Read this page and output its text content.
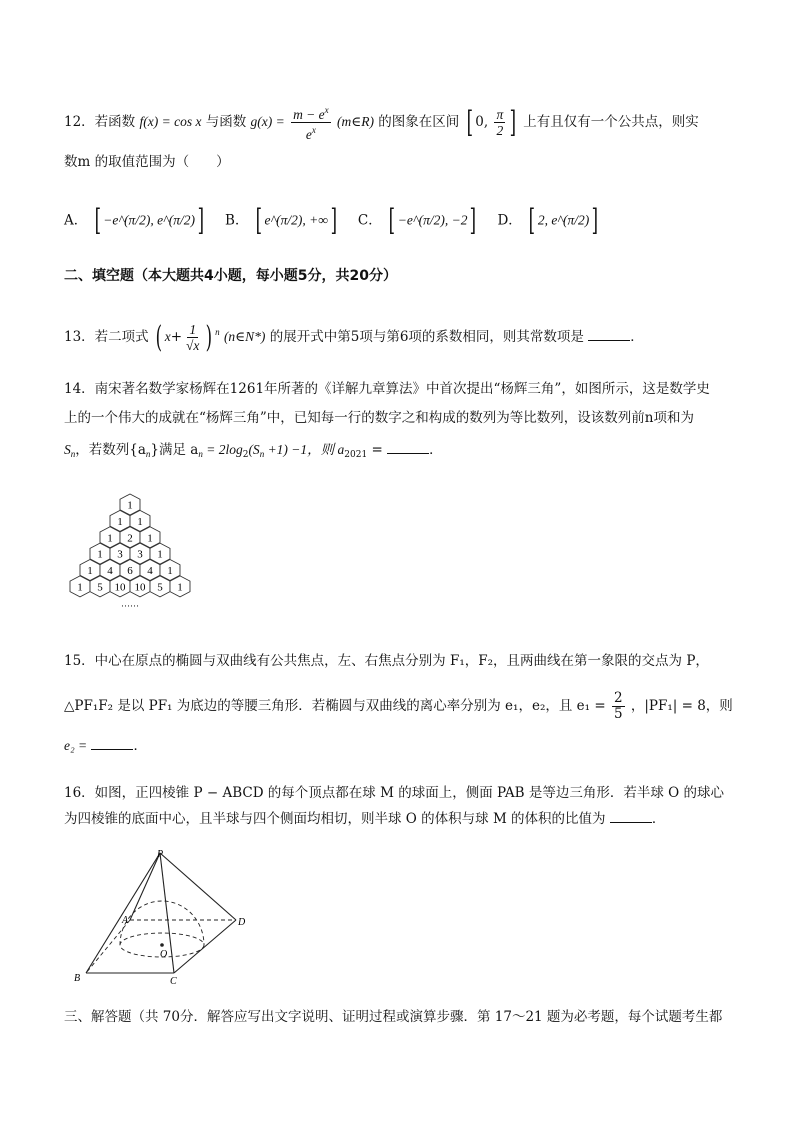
12．若函数 f(x) = cos x 与函数 $g(x) = \frac{m - e^x}{e^x}$ (m∈R) 的图象在区间 [ 0, $\frac{\pi}{2}$ ] 上有且仅有一个公共点，则实
数m 的取值范围为（　　）
A． [ −e^(π/2), e^(π/2)] B． [ e^(π/2), +∞] C． [ −e^(π/2), −2] D． [ 2, e^(π/2)]
二、填空题（本大题共4小题，每小题5分，共20分）
13．若二项式 ( $x+ \frac{1}{√x}$ ) $^n$ (n∈N*) 的展开式中第5项与第6项的系数相同，则其常数项是	．
14．南宋著名数学家杨辉在1261年所著的《详解九章算法》中首次提出“杨辉三角”，如图所示，这是数学史
上的一个伟大的成就在“杨辉三角”中，已知每一行的数字之和构成的数列为等比数列，设该数列前n项和为
$S_n$，若数列$\{a_n\}$满足 $a_n = 2\log_2(S_n +1) -1$，则 $a_{2021}$ =	．
1
1 1
1 2 1
1 3 3 1
1 4 6 4 1
1 5 10 10 5 1
……
15．中心在原点的椭圆与双曲线有公共焦点，左、右焦点分别为 F₁，F₂，且两曲线在第一象限的交点为 P，
△PF₁F₂ 是以 PF₁ 为底边的等腰三角形．若椭圆与双曲线的离心率分别为 e₁，e₂，且 $e_1 = \frac{2}{5}$ ，|PF₁| = 8，则
e₂ =	．
16．如图，正四棱锥 P − ABCD 的每个顶点都在球 M 的球面上，侧面 PAB 是等边三角形．若半球 O 的球心
为四棱锥的底面中心，且半球与四个侧面均相切，则半球 O 的体积与球 M 的体积的比值为	．
P
A
B	C
D
O
三、解答题（共 70分．解答应写出文字说明、证明过程或演算步骤．第 17～21 题为必考题，每个试题考生都
